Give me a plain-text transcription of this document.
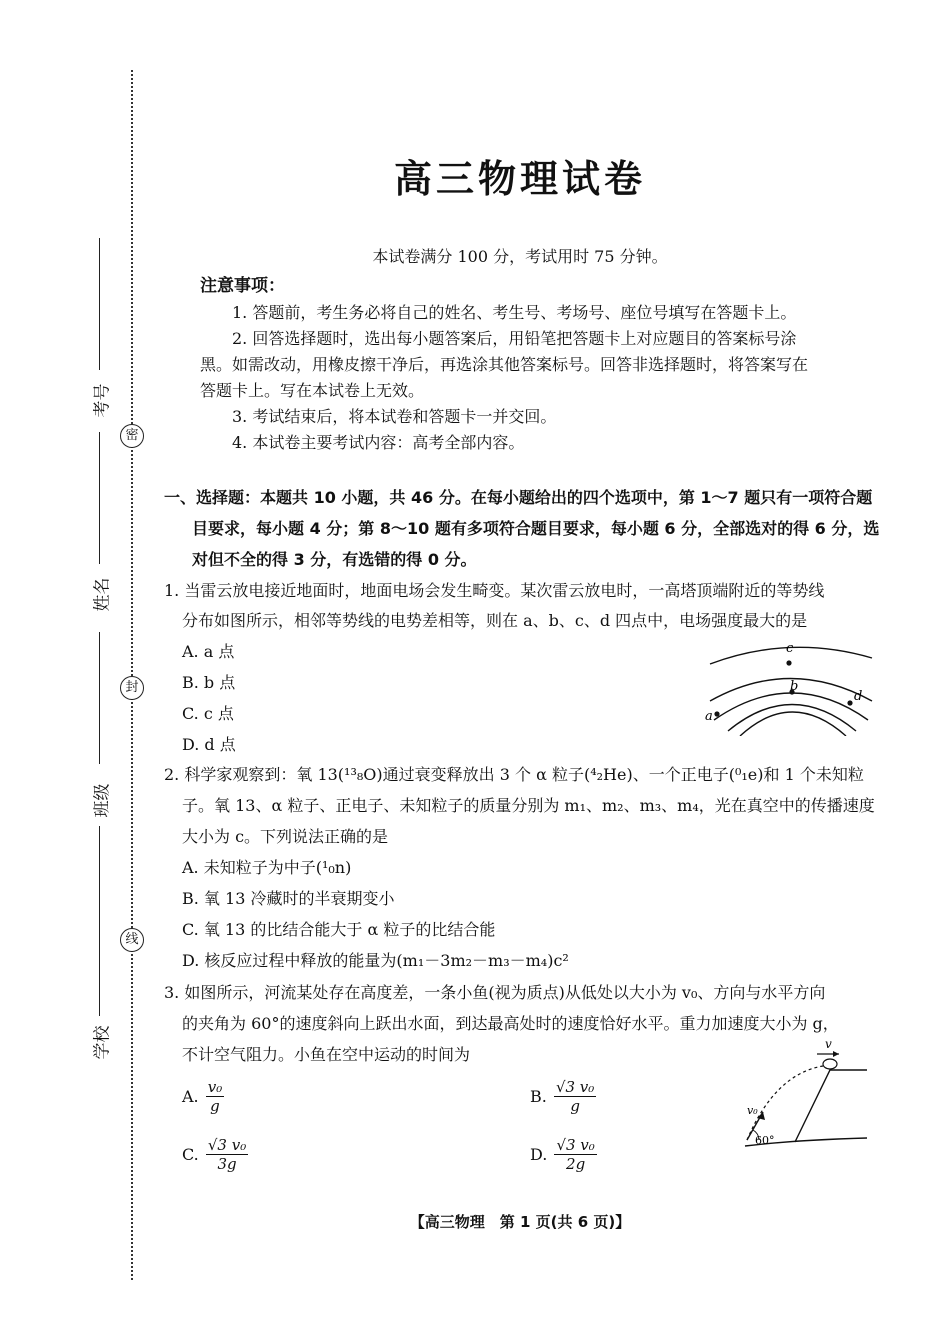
考号
姓名
班级
学校
密
封
线
高三物理试卷
本试卷满分 100 分，考试用时 75 分钟。
注意事项：
1. 答题前，考生务必将自己的姓名、考生号、考场号、座位号填写在答题卡上。
2. 回答选择题时，选出每小题答案后，用铅笔把答题卡上对应题目的答案标号涂
黑。如需改动，用橡皮擦干净后，再选涂其他答案标号。回答非选择题时，将答案写在
答题卡上。写在本试卷上无效。
3. 考试结束后，将本试卷和答题卡一并交回。
4. 本试卷主要考试内容：高考全部内容。
一、选择题：本题共 10 小题，共 46 分。在每小题给出的四个选项中，第 1～7 题只有一项符合题
目要求，每小题 4 分；第 8～10 题有多项符合题目要求，每小题 6 分，全部选对的得 6 分，选
对但不全的得 3 分，有选错的得 0 分。
1. 当雷云放电接近地面时，地面电场会发生畸变。某次雷云放电时，一高塔顶端附近的等势线
分布如图所示，相邻等势线的电势差相等，则在 a、b、c、d 四点中，电场强度最大的是
A. a 点
B. b 点
C. c 点
D. d 点
a
b
c
d
2. 科学家观察到：氧 13(¹³₈O)通过衰变释放出 3 个 α 粒子(⁴₂He)、一个正电子(⁰₁e)和 1 个未知粒
子。氧 13、α 粒子、正电子、未知粒子的质量分别为 m₁、m₂、m₃、m₄，光在真空中的传播速度
大小为 c。下列说法正确的是
A. 未知粒子为中子(¹₀n)
B. 氧 13 冷藏时的半衰期变小
C. 氧 13 的比结合能大于 α 粒子的比结合能
D. 核反应过程中释放的能量为(m₁－3m₂－m₃－m₄)c²
3. 如图所示，河流某处存在高度差，一条小鱼(视为质点)从低处以大小为 v₀、方向与水平方向
的夹角为 60°的速度斜向上跃出水面，到达最高处时的速度恰好水平。重力加速度大小为 g，
不计空气阻力。小鱼在空中运动的时间为
A. $\frac{\text{v₀}}{g}$	B. $\frac{\text{√3 v₀}}{g}$
C. $\frac{\text{√3 v₀}}{3g}$	D. $\frac{\text{√3 v₀}}{2g}$
v
v₀
60°
【高三物理　第 1 页(共 6 页)】
